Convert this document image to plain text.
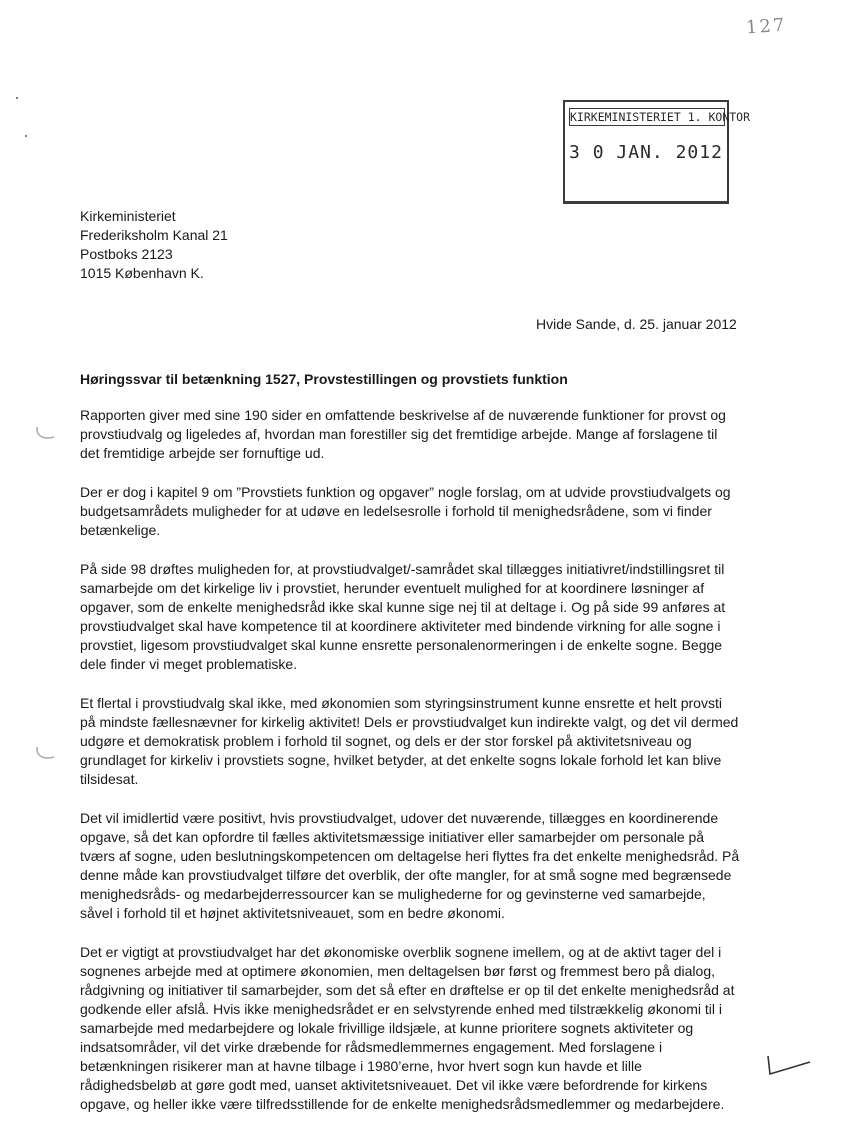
127
KIRKEMINISTERIET 1. KONTOR
3 0 JAN. 2012
Kirkeministeriet
Frederiksholm Kanal 21
Postboks 2123
1015 København K.
Hvide Sande, d. 25. januar 2012
Høringssvar til betænkning 1527, Provstestillingen og provstiets funktion

Rapporten giver med sine 190 sider en omfattende beskrivelse af de nuværende funktioner for provst og provstiudvalg og ligeledes af, hvordan man forestiller sig det fremtidige arbejde. Mange af forslagene til det fremtidige arbejde ser fornuftige ud.

Der er dog i kapitel 9 om ”Provstiets funktion og opgaver” nogle forslag, om at udvide provstiudvalgets og budgetsamrådets muligheder for at udøve en ledelsesrolle i forhold til menighedsrådene, som vi finder betænkelige.

På side 98 drøftes muligheden for, at provstiudvalget/-samrådet skal tillægges initiativret/indstillingsret til samarbejde om det kirkelige liv i provstiet, herunder eventuelt mulighed for at koordinere løsninger af opgaver, som de enkelte menighedsråd ikke skal kunne sige nej til at deltage i. Og på side 99 anføres at provstiudvalget skal have kompetence til at koordinere aktiviteter med bindende virkning for alle sogne i provstiet, ligesom provstiudvalget skal kunne ensrette personalenormeringen i de enkelte sogne. Begge dele finder vi meget problematiske.

Et flertal i provstiudvalg skal ikke, med økonomien som styringsinstrument kunne ensrette et helt provsti på mindste fællesnævner for kirkelig aktivitet! Dels er provstiudvalget kun indirekte valgt, og det vil dermed udgøre et demokratisk problem i forhold til sognet, og dels er der stor forskel på aktivitetsniveau og grundlaget for kirkeliv i provstiets sogne, hvilket betyder, at det enkelte sogns lokale forhold let kan blive tilsidesat.

Det vil imidlertid være positivt, hvis provstiudvalget, udover det nuværende, tillægges en koordinerende opgave, så det kan opfordre til fælles aktivitetsmæssige initiativer eller samarbejder om personale på tværs af sogne, uden beslutningskompetencen om deltagelse heri flyttes fra det enkelte menighedsråd. På denne måde kan provstiudvalget tilføre det overblik, der ofte mangler, for at små sogne med begrænsede menighedsråds- og medarbejderressourcer kan se mulighederne for og gevinsterne ved samarbejde, såvel i forhold til et højnet aktivitetsniveauet, som en bedre økonomi.

Det er vigtigt at provstiudvalget har det økonomiske overblik sognene imellem, og at de aktivt tager del i sognenes arbejde med at optimere økonomien, men deltagelsen bør først og fremmest bero på dialog, rådgivning og initiativer til samarbejder, som det så efter en drøftelse er op til det enkelte menighedsråd at godkende eller afslå. Hvis ikke menighedsrådet er en selvstyrende enhed med tilstrækkelig økonomi til i samarbejde med medarbejdere og lokale frivillige ildsjæle, at kunne prioritere sognets aktiviteter og indsatsområder, vil det virke dræbende for rådsmedlemmernes engagement. Med forslagene i betænkningen risikerer man at havne tilbage i 1980’erne, hvor hvert sogn kun havde et lille rådighedsbeløb at gøre godt med, uanset aktivitetsniveauet. Det vil ikke være befordrende for kirkens opgave, og heller ikke være tilfredsstillende for de enkelte menighedsrådsmedlemmer og medarbejdere.
